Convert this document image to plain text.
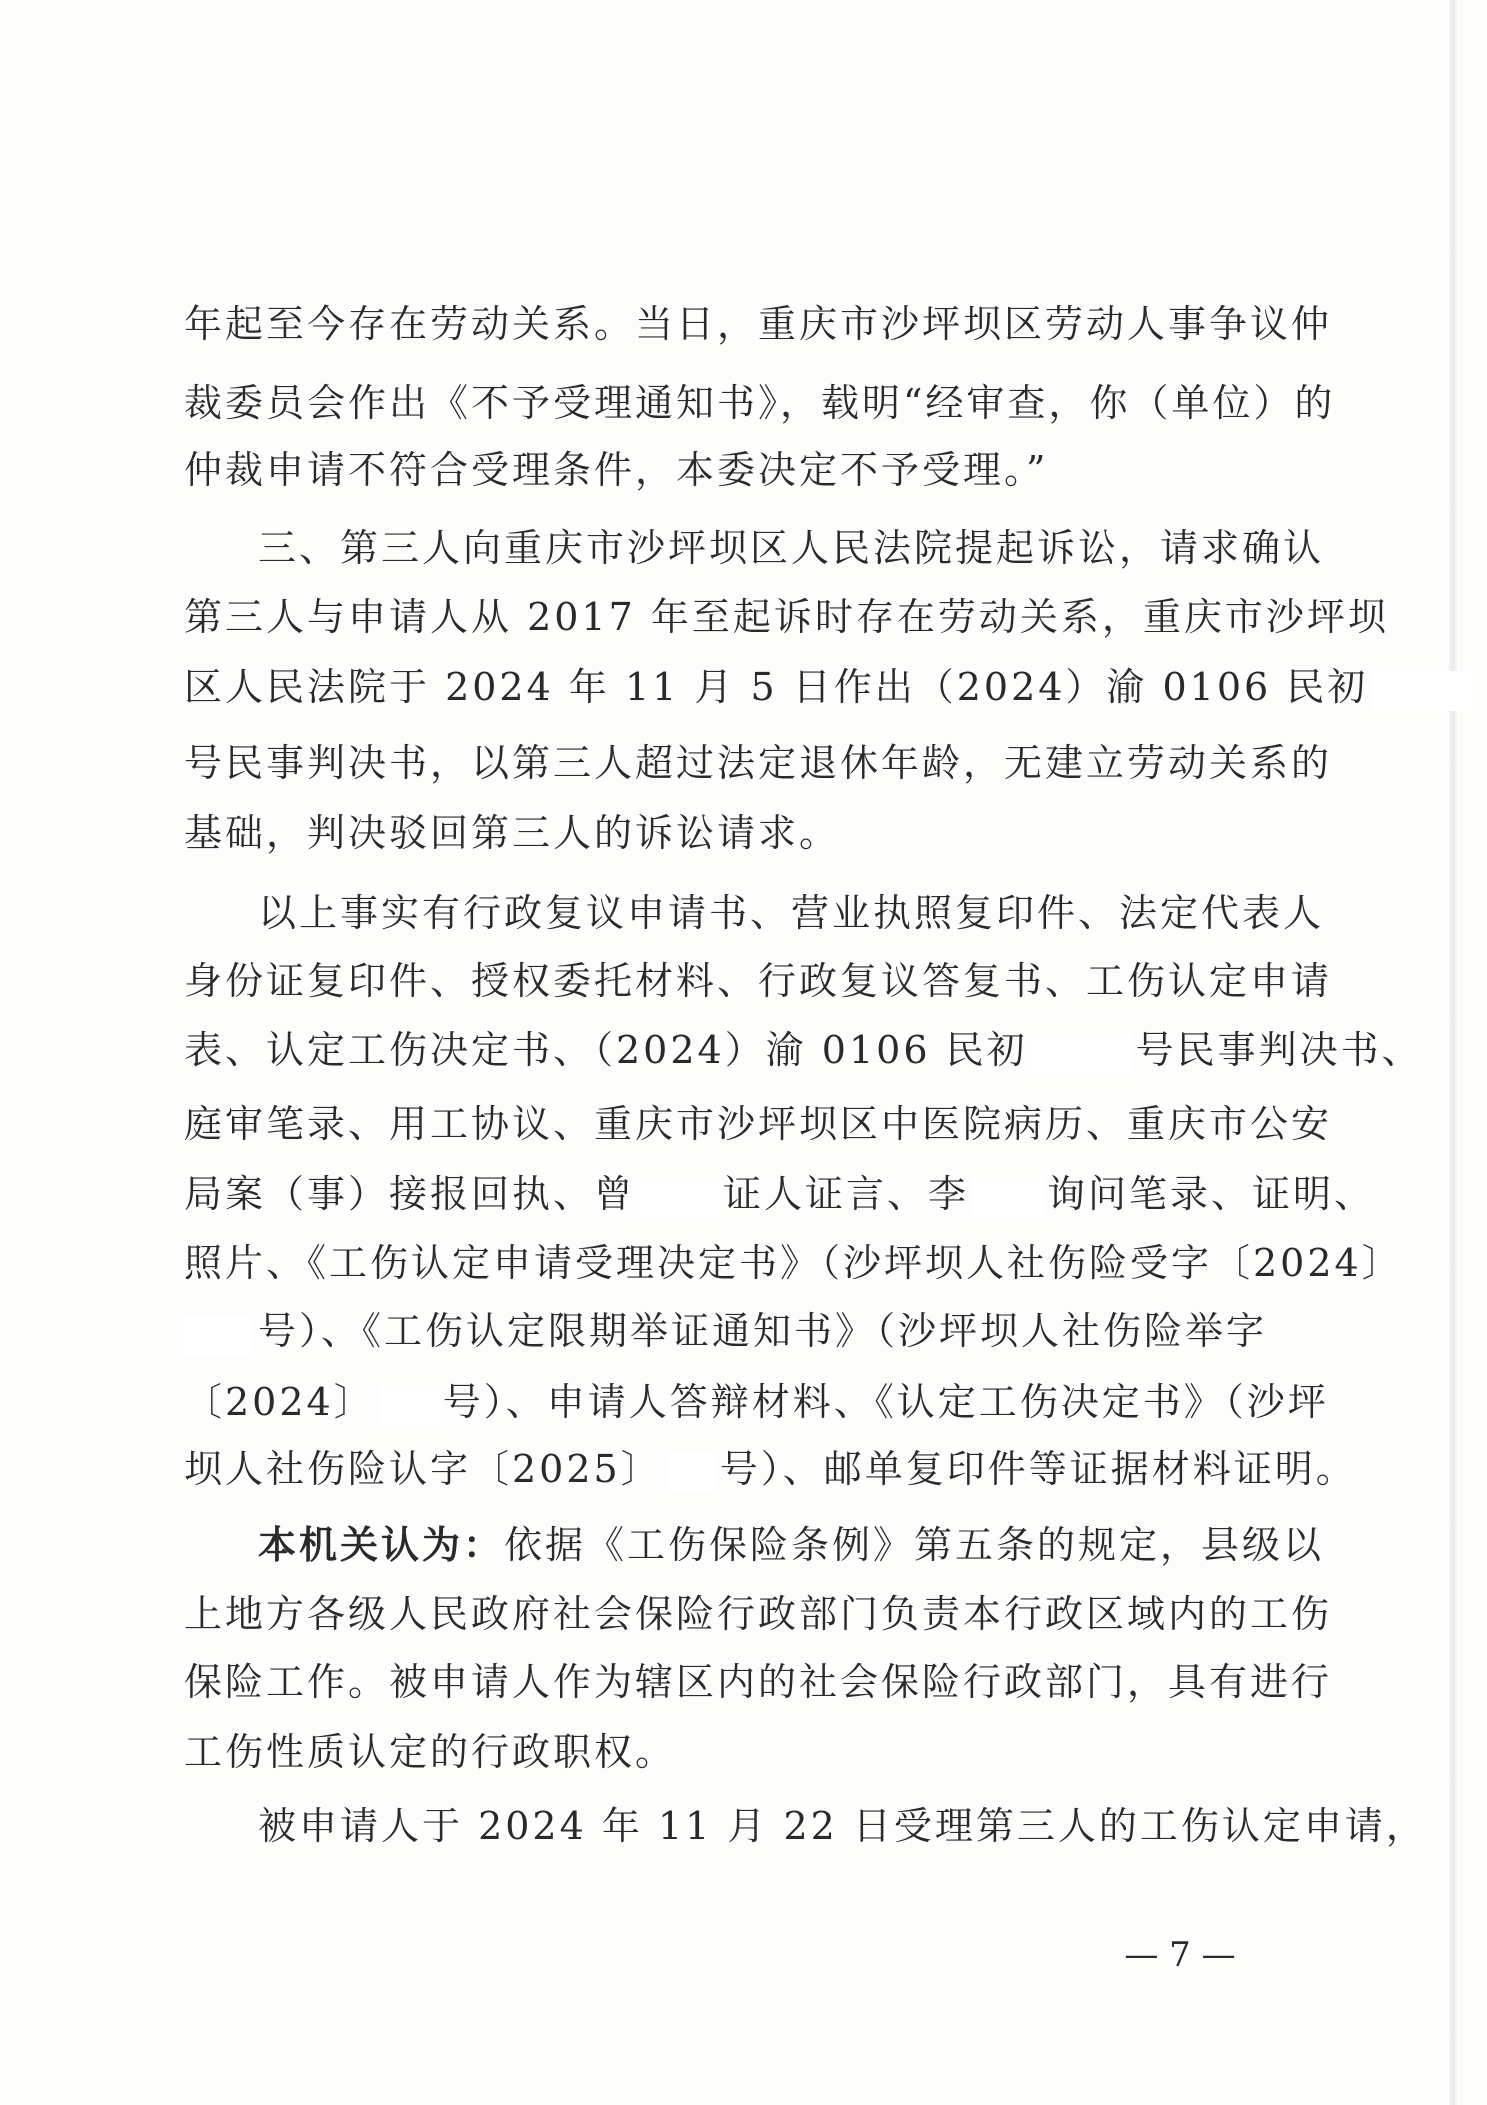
年起至今存在劳动关系。当日，重庆市沙坪坝区劳动人事争议仲
裁委员会作出《不予受理通知书》，载明“经审查，你（单位）的
仲裁申请不符合受理条件，本委决定不予受理。”
三、第三人向重庆市沙坪坝区人民法院提起诉讼，请求确认
第三人与申请人从 2017 年至起诉时存在劳动关系，重庆市沙坪坝
区人民法院于 2024 年 11 月 5 日作出（2024）渝 0106 民初
号民事判决书，以第三人超过法定退休年龄，无建立劳动关系的
基础，判决驳回第三人的诉讼请求。
以上事实有行政复议申请书、营业执照复印件、法定代表人
身份证复印件、授权委托材料、行政复议答复书、工伤认定申请
表、认定工伤决定书、（2024）渝 0106 民初	号民事判决书、
庭审笔录、用工协议、重庆市沙坪坝区中医院病历、重庆市公安
局案（事）接报回执、曾 证人证言、李 询问笔录、证明、
照片、《工伤认定申请受理决定书》（沙坪坝人社伤险受字〔2024〕
号）、《工伤认定限期举证通知书》（沙坪坝人社伤险举字
〔2024〕 号）、申请人答辩材料、《认定工伤决定书》（沙坪
坝人社伤险认字〔2025〕 号）、邮单复印件等证据材料证明。
本机关认为：依据《工伤保险条例》第五条的规定，县级以
上地方各级人民政府社会保险行政部门负责本行政区域内的工伤
保险工作。被申请人作为辖区内的社会保险行政部门，具有进行
工伤性质认定的行政职权。
被申请人于 2024 年 11 月 22 日受理第三人的工伤认定申请，
— 7 —
